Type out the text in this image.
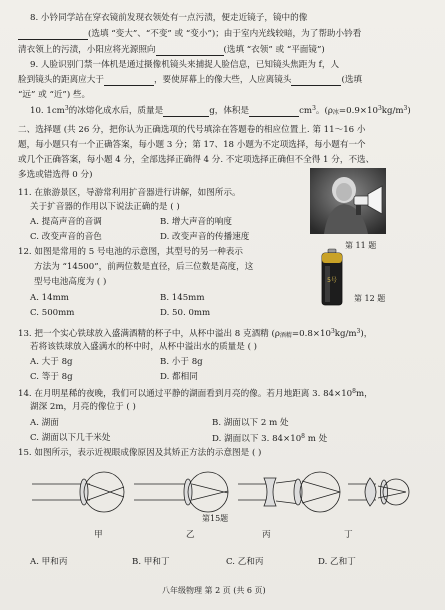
8. 小钤同学站在穿衣镜前发现衣领处有一点污渍，便走近镜子，镜中的像
(选填 “变大”、“不变” 或 “变小”)；由于室内光线较暗，为了帮助小钤看
清衣领上的污渍，小阳应将光源照向	(选填 “衣领” 或 “平面镜”)
9. 人脸识别门禁一体机是通过摄像机镜头来捕捉人脸信息，已知镜头焦距为 f，人
脸到镜头的距离应大于	，要使屏幕上的像大些，人应离镜头	(选填
“远” 或 “近”) 些。
10. $1cm^3$的冰熔化成水后，质量是	g，体积是	$cm^3$。(ρ冰$=0.9\times 10^3kg/m^3$)
二、选择题 (共 26 分，把你认为正确选项的代号填涂在答题卷的相应位置上. 第 11～16 小
题，每小题只有一个正确答案，每小题 3 分；第 17、18 小题为不定项选择，每小题有一个
或几个正确答案，每小题 4 分，全部选择正确得 4 分. 不定项选择正确但不全得 1 分，不选、
多选或错选得 0 分)
11. 在旅游景区，导游常利用扩音器进行讲解，如图所示。
关于扩音器的作用以下说法正确的是 ( )
A. 提高声音的音调	B. 增大声音的响度
C. 改变声音的音色	D. 改变声音的传播速度
第 11 题
12. 如图是常用的 5 号电池的示意图，其型号的另一种表示
方法为 “14500”，前两位数是直径，后三位数是高度，这
型号电池高度为 ( )
A. 14mm	B. 145mm
C. 500mm	D. 50. 0mm
5号
第 12 题
13. 把一个实心铁球放入盛满酒精的杯子中，从杯中溢出 8 克酒精 (ρ酒精$=0.8\times 10^3kg/m^3$)，
若将该铁球放入盛满水的杯中时，从杯中溢出水的质量是 ( )
A. 大于 8g	B. 小于 8g
C. 等于 8g	D. 都相同
14. 在月明星稀的夜晚，我们可以通过平静的湖面看到月亮的像。若月地距离 3. $84\times 10^8m$，
湖深 2m，月亮的像位于 ( )
A. 湖面	B. 湖面以下 2 m 处
C. 湖面以下几千米处	D. 湖面以下 3. $84\times 10^8$ m 处
15. 如图所示，表示近视眼成像原因及其矫正方法的示意图是 ( )
第15题
甲	乙	丙	丁
A. 甲和丙	B. 甲和丁	C. 乙和丙	D. 乙和丁
八年级物理 第 2 页 (共 6 页)
